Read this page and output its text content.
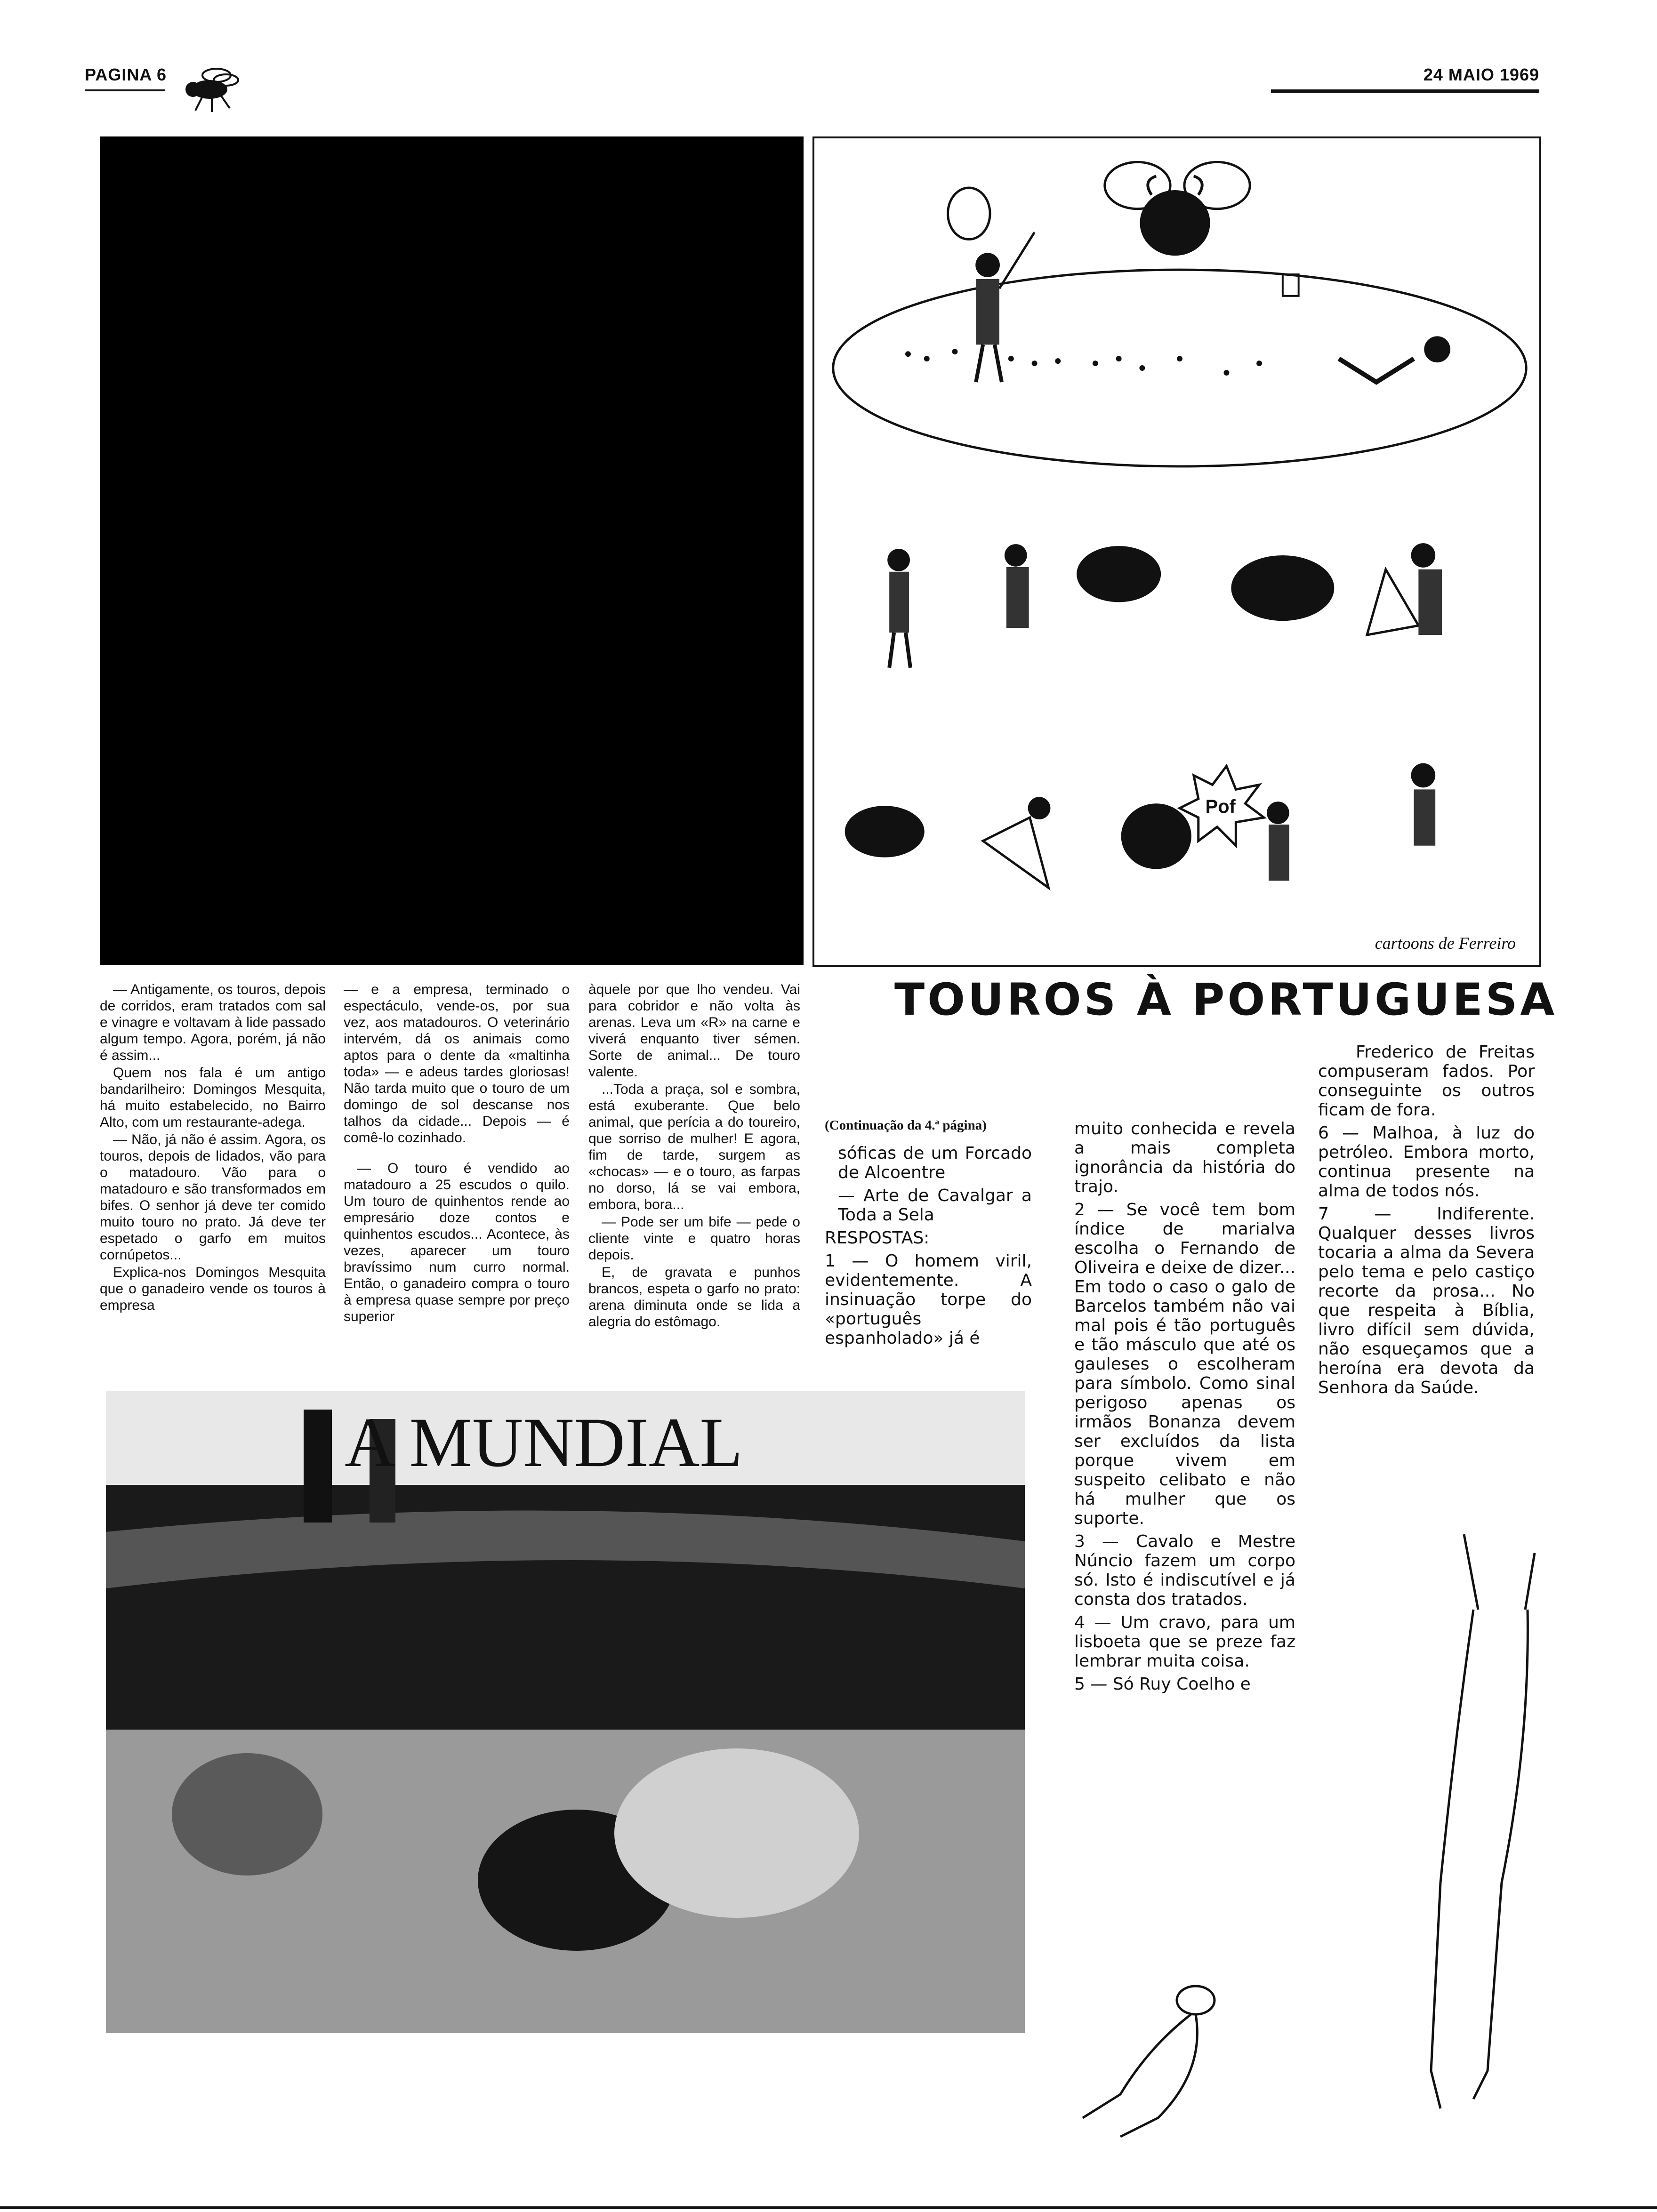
PAGINA 6	24 MAIO 1969
Pof
cartoons de Ferreiro

— Antigamente, os touros, depois de corridos, eram tratados com sal e vinagre e voltavam à lide passado algum tempo. Agora, porém, já não é assim...

Quem nos fala é um antigo bandarilheiro: Domingos Mesquita, há muito estabelecido, no Bairro Alto, com um restaurante-adega.

— Não, já não é assim. Agora, os touros, depois de lidados, vão para o matadouro. Vão para o matadouro e são transformados em bifes. O senhor já deve ter comido muito touro no prato. Já deve ter espetado o garfo em muitos cornúpetos...

Explica-nos Domingos Mesquita que o ganadeiro vende os touros à empresa

— e a empresa, terminado o espectáculo, vende-os, por sua vez, aos matadouros. O veterinário intervém, dá os animais como aptos para o dente da «maltinha toda» — e adeus tardes gloriosas! Não tarda muito que o touro de um domingo de sol descanse nos talhos da cidade... Depois — é comê-lo cozinhado.

— O touro é vendido ao matadouro a 25 escudos o quilo. Um touro de quinhentos rende ao empresário doze contos e quinhentos escudos... Acontece, às vezes, aparecer um touro bravíssimo num curro normal. Então, o ganadeiro compra o touro à empresa quase sempre por preço superior

àquele por que lho vendeu. Vai para cobridor e não volta às arenas. Leva um «R» na carne e viverá enquanto tiver sémen. Sorte de animal... De touro valente.

...Toda a praça, sol e sombra, está exuberante. Que belo animal, que perícia a do toureiro, que sorriso de mulher! E agora, fim de tarde, surgem as «chocas» — e o touro, as farpas no dorso, lá se vai embora, embora, bora...

— Pode ser um bife — pede o cliente vinte e quatro horas depois.

E, de gravata e punhos brancos, espeta o garfo no prato: arena diminuta onde se lida a alegria do estômago.

TOUROS À PORTUGUESA
(Continuação da 4.ª página)

sóficas de um Forcado de Alcoentre

— Arte de Cavalgar a Toda a Sela

RESPOSTAS:

1 — O homem viril, evidentemente. A insinuação torpe do «português espanholado» já é

muito conhecida e revela a mais completa ignorância da história do trajo.

2 — Se você tem bom índice de marialva escolha o Fernando de Oliveira e deixe de dizer... Em todo o caso o galo de Barcelos também não vai mal pois é tão português e tão másculo que até os gauleses o escolheram para símbolo. Como sinal perigoso apenas os irmãos Bonanza devem ser excluídos da lista porque vivem em suspeito celibato e não há mulher que os suporte.

3 — Cavalo e Mestre Núncio fazem um corpo só. Isto é indiscutível e já consta dos tratados.

4 — Um cravo, para um lisboeta que se preze faz lembrar muita coisa.

5 — Só Ruy Coelho e

Frederico de Freitas compuseram fados. Por conseguinte os outros ficam de fora.

6 — Malhoa, à luz do petróleo. Embora morto, continua presente na alma de todos nós.

7 — Indiferente. Qualquer desses livros tocaria a alma da Severa pelo tema e pelo castiço recorte da prosa... No que respeita à Bíblia, livro difícil sem dúvida, não esqueçamos que a heroína era devota da Senhora da Saúde.

A MUNDIAL
